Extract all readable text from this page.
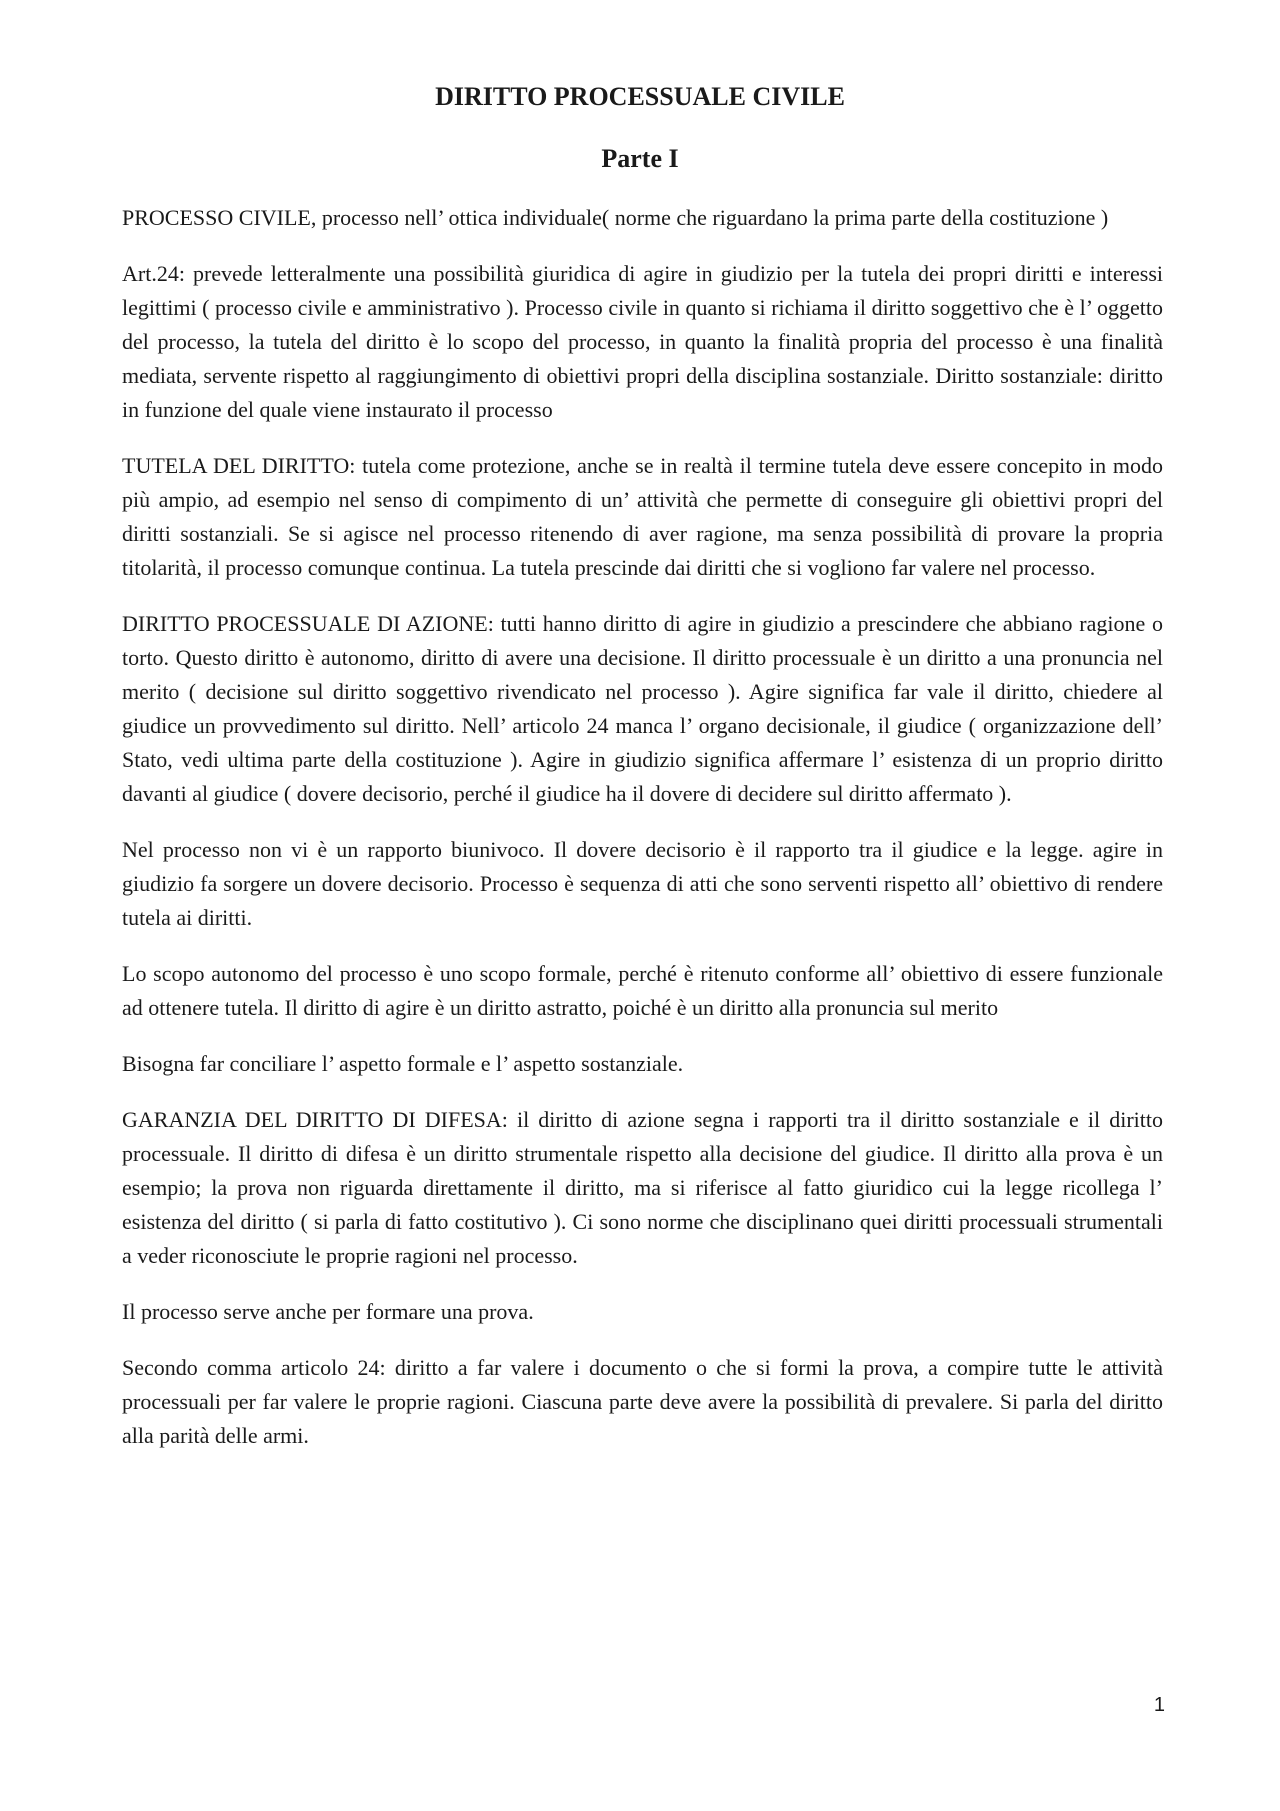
DIRITTO PROCESSUALE CIVILE
Parte I

PROCESSO CIVILE, processo nell’ ottica individuale( norme che riguardano la prima parte della costituzione )

Art.24: prevede letteralmente una possibilità giuridica di agire in giudizio per la tutela dei propri diritti e interessi legittimi ( processo civile e amministrativo ). Processo civile in quanto si richiama il diritto soggettivo che è l’ oggetto del processo, la tutela del diritto è lo scopo del processo, in quanto la finalità propria del processo è una finalità mediata, servente rispetto al raggiungimento di obiettivi propri della disciplina sostanziale. Diritto sostanziale: diritto in funzione del quale viene instaurato il processo

TUTELA DEL DIRITTO: tutela come protezione, anche se in realtà il termine tutela deve essere concepito in modo più ampio, ad esempio nel senso di compimento di un’ attività che permette di conseguire gli obiettivi propri del diritti sostanziali. Se si agisce nel processo ritenendo di aver ragione, ma senza possibilità di provare la propria titolarità, il processo comunque continua. La tutela prescinde dai diritti che si vogliono far valere nel processo.

DIRITTO PROCESSUALE DI AZIONE: tutti hanno diritto di agire in giudizio a prescindere che abbiano ragione o torto. Questo diritto è autonomo, diritto di avere una decisione. Il diritto processuale è un diritto a una pronuncia nel merito ( decisione sul diritto soggettivo rivendicato nel processo ). Agire significa far vale il diritto, chiedere al giudice un provvedimento sul diritto. Nell’ articolo 24 manca l’ organo decisionale, il giudice ( organizzazione dell’ Stato, vedi ultima parte della costituzione ). Agire in giudizio significa affermare l’ esistenza di un proprio diritto davanti al giudice ( dovere decisorio, perché il giudice ha il dovere di decidere sul diritto affermato ).

Nel processo non vi è un rapporto biunivoco. Il dovere decisorio è il rapporto tra il giudice e la legge. agire in giudizio fa sorgere un dovere decisorio. Processo è sequenza di atti che sono serventi rispetto all’ obiettivo di rendere tutela ai diritti.

Lo scopo autonomo del processo è uno scopo formale, perché è ritenuto conforme all’ obiettivo di essere funzionale ad ottenere tutela. Il diritto di agire è un diritto astratto, poiché è un diritto alla pronuncia sul merito

Bisogna far conciliare l’ aspetto formale e l’ aspetto sostanziale.

GARANZIA DEL DIRITTO DI DIFESA: il diritto di azione segna i rapporti tra il diritto sostanziale e il diritto processuale. Il diritto di difesa è un diritto strumentale rispetto alla decisione del giudice. Il diritto alla prova è un esempio; la prova non riguarda direttamente il diritto, ma si riferisce al fatto giuridico cui la legge ricollega l’ esistenza del diritto ( si parla di fatto costitutivo ). Ci sono norme che disciplinano quei diritti processuali strumentali a veder riconosciute le proprie ragioni nel processo.

Il processo serve anche per formare una prova.

Secondo comma articolo 24: diritto a far valere i documento o che si formi la prova, a compire tutte le attività processuali per far valere le proprie ragioni. Ciascuna parte deve avere la possibilità di prevalere. Si parla del diritto alla parità delle armi.

1
